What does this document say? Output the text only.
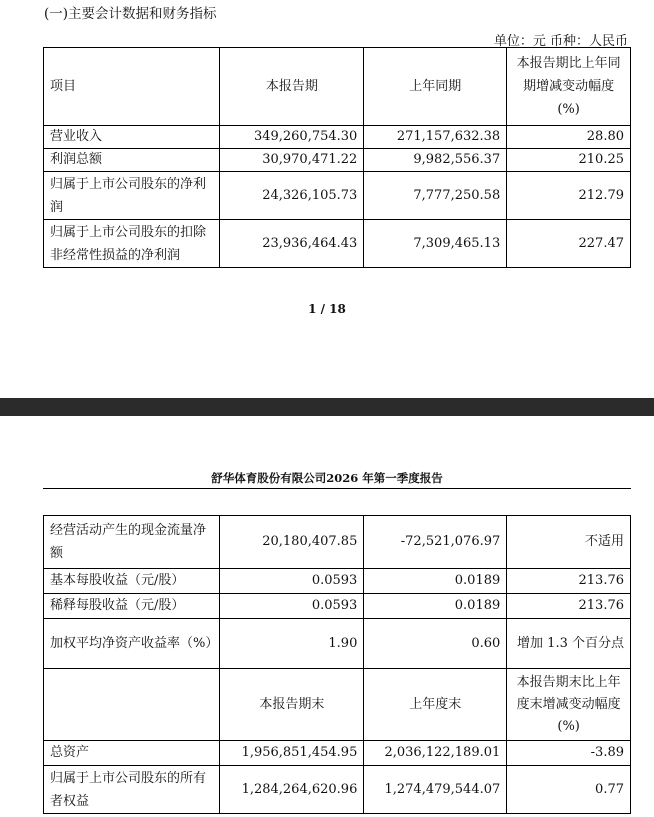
(一)主要会计数据和财务指标
单位：元 币种：人民币
项目	本报告期	上年同期	本报告期比上年同期增减变动幅度(%)
营业收入	349,260,754.30	271,157,632.38	28.80
利润总额	30,970,471.22	9,982,556.37	210.25
归属于上市公司股东的净利润	24,326,105.73	7,777,250.58	212.79
归属于上市公司股东的扣除非经常性损益的净利润	23,936,464.43	7,309,465.13	227.47
1 / 18
舒华体育股份有限公司2026 年第一季度报告
经营活动产生的现金流量净额	20,180,407.85	-72,521,076.97	不适用
基本每股收益（元/股）	0.0593	0.0189	213.76
稀释每股收益（元/股）	0.0593	0.0189	213.76
加权平均净资产收益率（%）	1.90	0.60	增加 1.3 个百分点
	本报告期末	上年度末	本报告期末比上年度末增减变动幅度(%)
总资产	1,956,851,454.95	2,036,122,189.01	-3.89
归属于上市公司股东的所有者权益	1,284,264,620.96	1,274,479,544.07	0.77
